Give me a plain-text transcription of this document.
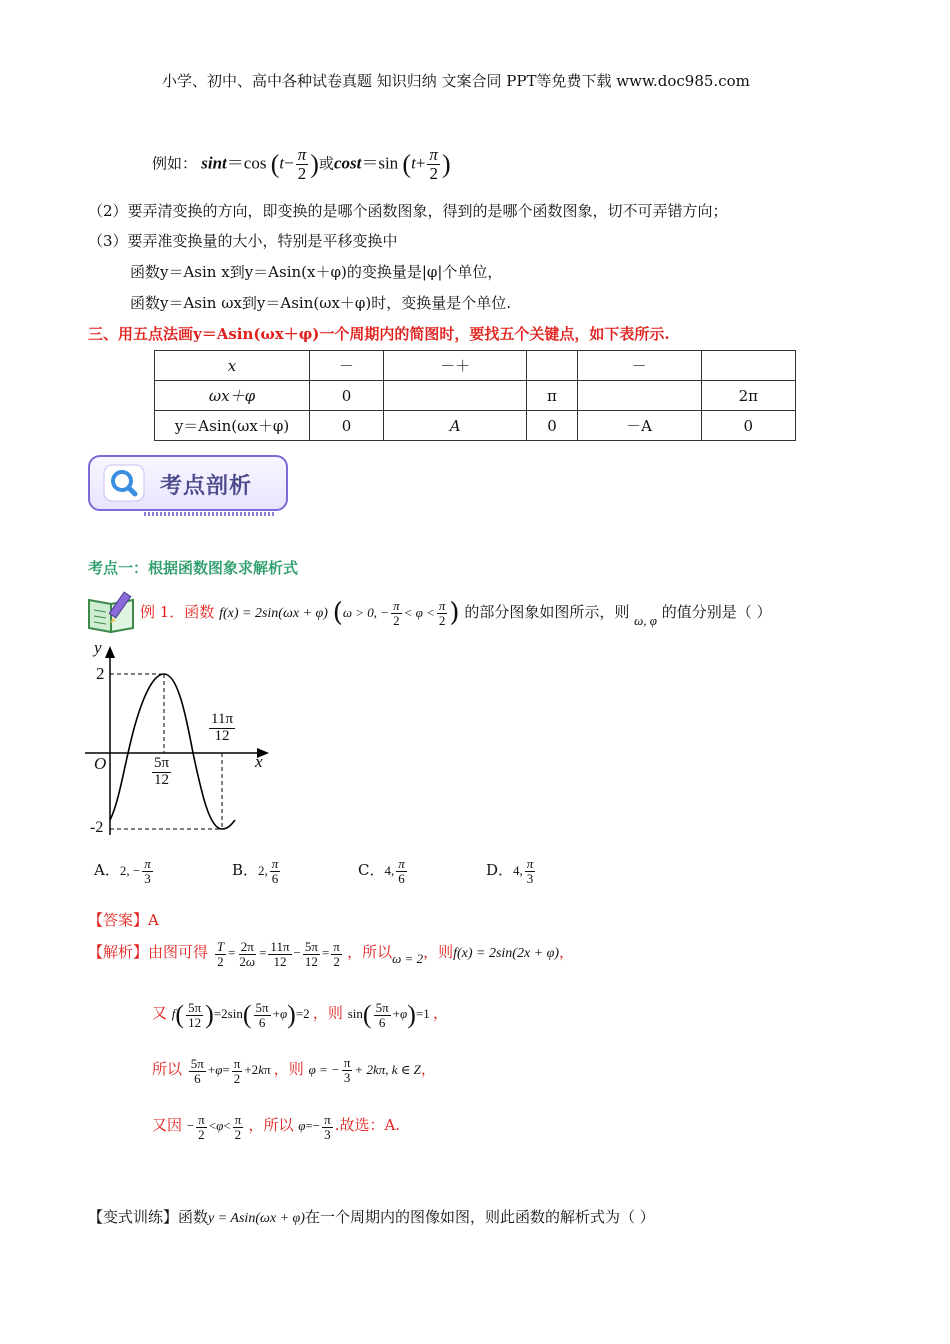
小学、初中、高中各种试卷真题 知识归纳 文案合同 PPT等免费下载 www.doc985.com
例如： sint＝cos ($t- \frac{\pi}{2}$ )或cost＝sin ($t+ \frac{\pi}{2}$ )
（2）要弄清变换的方向，即变换的是哪个函数图象，得到的是哪个函数图象，切不可弄错方向；
（3）要弄准变换量的大小，特别是平移变换中
函数y＝Asin x到y＝Asin(x＋φ)的变换量是|φ|个单位，
函数y＝Asin ωx到y＝Asin(ωx＋φ)时，变换量是个单位.
三、用五点法画y＝Asin(ωx＋φ)一个周期内的简图时，要找五个关键点，如下表所示.
x	－	－＋		－	
ωx＋φ	0		π		2π
y＝Asin(ωx＋φ)	0	A	0	－A	0
考点剖析
考点一：根据函数图象求解析式
例 1．函数 f(x) = 2sin(ωx + φ) (ω > 0, − $\frac{\pi}{2} < \varphi < \frac{\pi}{2}$ ) 的部分图象如图所示，则 ω, φ 的值分别是（ ）
y
x
O
2
-2
$\frac{5\pi}{12}$
$\frac{11\pi}{12}$
A．2, − $\frac{\pi}{3}$	B．2, $\frac{\pi}{6}$	C．4, $\frac{\pi}{6}$	D．4, $\frac{\pi}{3}$
【答案】A
【解析】由图可得 $\frac{T}{2} = \frac{2\pi}{2\omega} = \frac{11\pi}{12} - \frac{5\pi}{12} = \frac{\pi}{2}$ ，所以ω = 2，则f(x) = 2sin(2x + φ)，
又 $f( \frac{5\pi}{12} )=2\sin( \frac{5\pi}{6} +\varphi)=2$ ，则 $\sin( \frac{5\pi}{6} +\varphi)=1$ ，
所以 $\frac{5\pi}{6} +\varphi= \frac{\pi}{2} +2k\pi$ ，则 φ = − $\frac{\pi}{3} + 2k\pi$, k ∈ Z，
又因 − $\frac{\pi}{2} <\varphi< \frac{\pi}{2}$ ，所以 $\varphi=- \frac{\pi}{3}$ .故选：A.
【变式训练】函数y = Asin(ωx + φ)在一个周期内的图像如图，则此函数的解析式为（ ）
